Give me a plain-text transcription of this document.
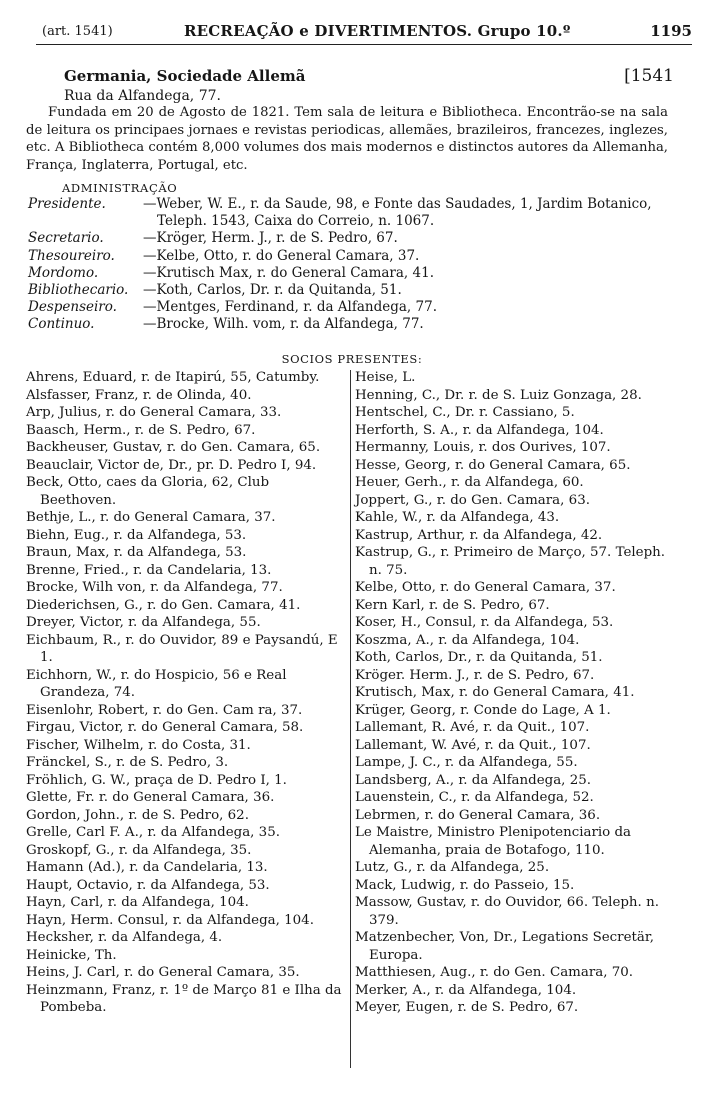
(art. 1541)	RECREAÇÃO e DIVERTIMENTOS. Grupo 10.º	1195
Germania, Sociedade Allemã	[1541
Rua da Alfandega, 77.

Fundada em 20 de Agosto de 1821. Tem sala de leitura e Bibliotheca. Encontrão-se na sala de leitura os principaes jornaes e revistas periodicas, allemães, brazileiros, francezes, inglezes, etc. A Bibliotheca contém 8,000 volumes dos mais modernos e distinctos autores da Allemanha, França, Inglaterra, Portugal, etc.

ADMINISTRAÇÃO
Presidente.	—Weber, W. E., r. da Saude, 98, e Fonte das Saudades, 1, Jardim Botanico, Teleph. 1543, Caixa do Correio, n. 1067.
Secretario.	—Kröger, Herm. J., r. de S. Pedro, 67.
Thesoureiro.	—Kelbe, Otto, r. do General Camara, 37.
Mordomo.	—Krutisch Max, r. do General Camara, 41.
Bibliothecario.	—Koth, Carlos, Dr. r. da Quitanda, 51.
Despenseiro.	—Mentges, Ferdinand, r. da Alfandega, 77.
Continuo.	—Brocke, Wilh. vom, r. da Alfandega, 77.
SOCIOS PRESENTES:
Ahrens, Eduard, r. de Itapirú, 55, Catumby.
Alsfasser, Franz, r. de Olinda, 40.
Arp, Julius, r. do General Camara, 33.
Baasch, Herm., r. de S. Pedro, 67.
Backheuser, Gustav, r. do Gen. Camara, 65.
Beauclair, Victor de, Dr., pr. D. Pedro I, 94.
Beck, Otto, caes da Gloria, 62, Club Beethoven.
Bethje, L., r. do General Camara, 37.
Biehn, Eug., r. da Alfandega, 53.
Braun, Max, r. da Alfandega, 53.
Brenne, Fried., r. da Candelaria, 13.
Brocke, Wilh von, r. da Alfandega, 77.
Diederichsen, G., r. do Gen. Camara, 41.
Dreyer, Victor, r. da Alfandega, 55.
Eichbaum, R., r. do Ouvidor, 89 e Paysandú, E 1.
Eichhorn, W., r. do Hospicio, 56 e Real Grandeza, 74.
Eisenlohr, Robert, r. do Gen. Cam ra, 37.
Firgau, Victor, r. do General Camara, 58.
Fischer, Wilhelm, r. do Costa, 31.
Fränckel, S., r. de S. Pedro, 3.
Fröhlich, G. W., praça de D. Pedro I, 1.
Glette, Fr. r. do General Camara, 36.
Gordon, John., r. de S. Pedro, 62.
Grelle, Carl F. A., r. da Alfandega, 35.
Groskopf, G., r. da Alfandega, 35.
Hamann (Ad.), r. da Candelaria, 13.
Haupt, Octavio, r. da Alfandega, 53.
Hayn, Carl, r. da Alfandega, 104.
Hayn, Herm. Consul, r. da Alfandega, 104.
Hecksher, r. da Alfandega, 4.
Heinicke, Th.
Heins, J. Carl, r. do General Camara, 35.
Heinzmann, Franz, r. 1º de Março 81 e Ilha da Pombeba.
Heise, L.
Henning, C., Dr. r. de S. Luiz Gonzaga, 28.
Hentschel, C., Dr. r. Cassiano, 5.
Herforth, S. A., r. da Alfandega, 104.
Hermanny, Louis, r. dos Ourives, 107.
Hesse, Georg, r. do General Camara, 65.
Heuer, Gerh., r. da Alfandega, 60.
Joppert, G., r. do Gen. Camara, 63.
Kahle, W., r. da Alfandega, 43.
Kastrup, Arthur, r. da Alfandega, 42.
Kastrup, G., r. Primeiro de Março, 57. Teleph. n. 75.
Kelbe, Otto, r. do General Camara, 37.
Kern Karl, r. de S. Pedro, 67.
Koser, H., Consul, r. da Alfandega, 53.
Koszma, A., r. da Alfandega, 104.
Koth, Carlos, Dr., r. da Quitanda, 51.
Kröger. Herm. J., r. de S. Pedro, 67.
Krutisch, Max, r. do General Camara, 41.
Krüger, Georg, r. Conde do Lage, A 1.
Lallemant, R. Avé, r. da Quit., 107.
Lallemant, W. Avé, r. da Quit., 107.
Lampe, J. C., r. da Alfandega, 55.
Landsberg, A., r. da Alfandega, 25.
Lauenstein, C., r. da Alfandega, 52.
Lebrmen, r. do General Camara, 36.
Le Maistre, Ministro Plenipotenciario da Alemanha, praia de Botafogo, 110.
Lutz, G., r. da Alfandega, 25.
Mack, Ludwig, r. do Passeio, 15.
Massow, Gustav, r. do Ouvidor, 66. Teleph. n. 379.
Matzenbecher, Von, Dr., Legations Secretär, Europa.
Matthiesen, Aug., r. do Gen. Camara, 70.
Merker, A., r. da Alfandega, 104.
Meyer, Eugen, r. de S. Pedro, 67.
